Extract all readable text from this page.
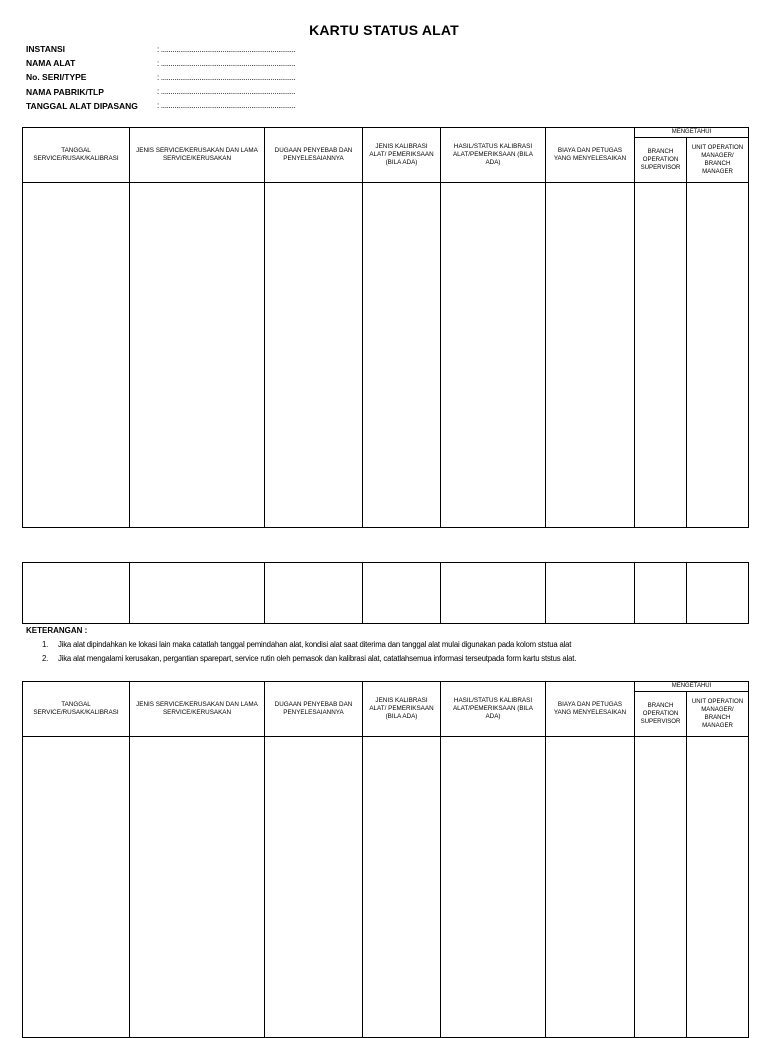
KARTU STATUS ALAT
INSTANSI	: ......................................................................
NAMA ALAT	: ......................................................................
No. SERI/TYPE	: ......................................................................
NAMA PABRIK/TLP	: ......................................................................
TANGGAL ALAT DIPASANG	: ......................................................................
TANGGAL SERVICE/RUSAK/KALIBRASI	JENIS SERVICE/KERUSAKAN DAN LAMA SERVICE/KERUSAKAN	DUGAAN PENYEBAB DAN PENYELESAIANNYA	JENIS KALIBRASI ALAT/ PEMERIKSAAN (BILA ADA)	HASIL/STATUS KALIBRASI ALAT/PEMERIKSAAN (BILA ADA)	BIAYA DAN PETUGAS YANG MENYELESAIKAN	MENGETAHUI	
						BRANCH OPERATION SUPERVISOR	UNIT OPERATION MANAGER/ BRANCH MANAGER

KETERANGAN :
1.	Jika alat dipindahkan ke lokasi lain maka catatlah tanggal pemindahan alat, kondisi alat saat diterima dan tanggal alat mulai digunakan pada kolom ststua alat
2.	Jika alat mengalami kerusakan, pergantian sparepart, service rutin oleh pemasok dan kalibrasi alat, catatlahsemua informasi terseutpada form kartu ststus alat.
TANGGAL SERVICE/RUSAK/KALIBRASI	JENIS SERVICE/KERUSAKAN DAN LAMA SERVICE/KERUSAKAN	DUGAAN PENYEBAB DAN PENYELESAIANNYA	JENIS KALIBRASI ALAT/ PEMERIKSAAN (BILA ADA)	HASIL/STATUS KALIBRASI ALAT/PEMERIKSAAN (BILA ADA)	BIAYA DAN PETUGAS YANG MENYELESAIKAN	MENGETAHUI	
						BRANCH OPERATION SUPERVISOR	UNIT OPERATION MANAGER/ BRANCH MANAGER
